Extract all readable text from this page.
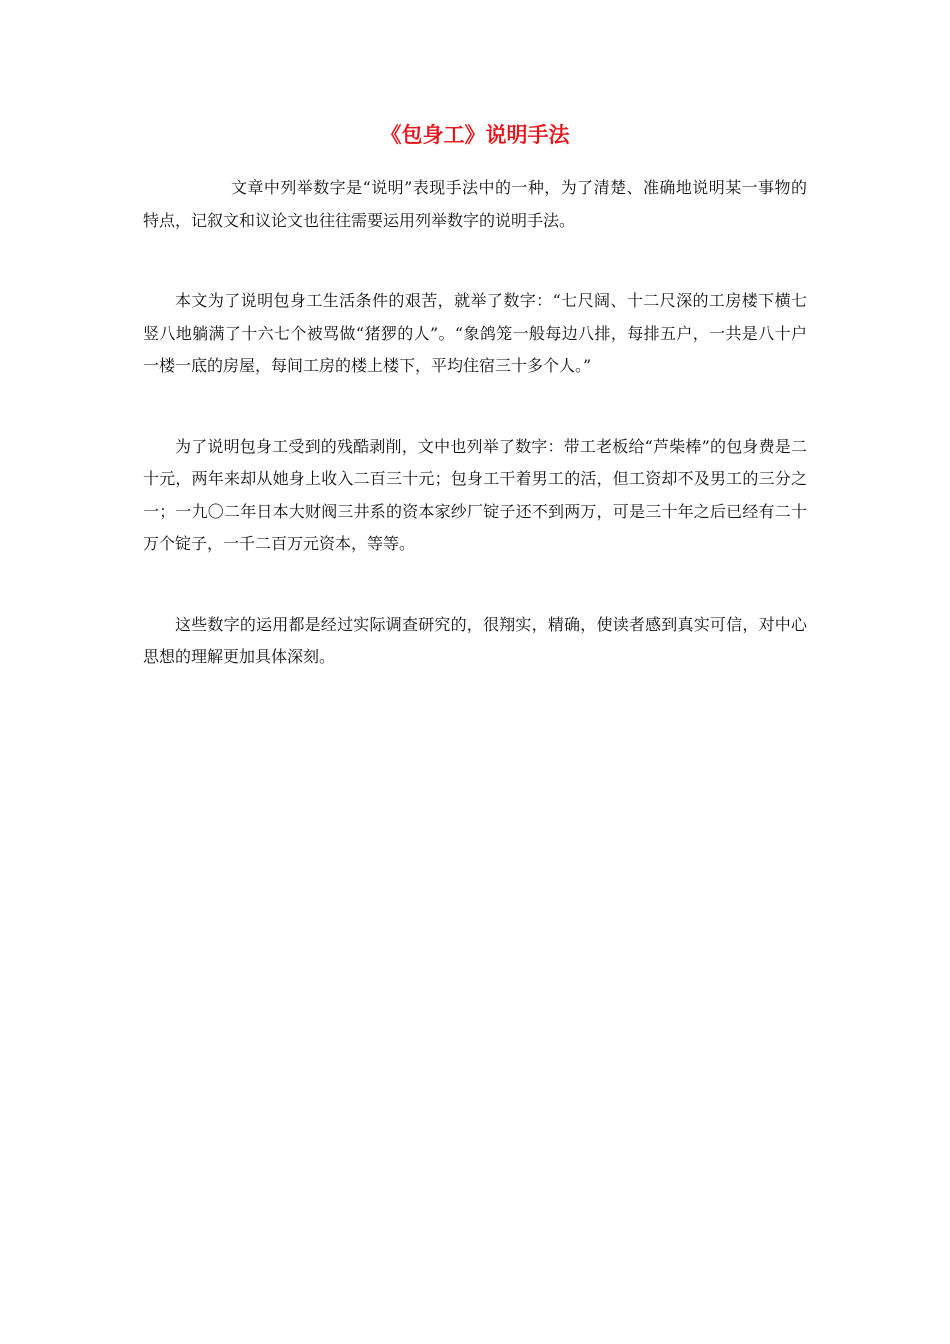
《包身工》说明手法

文章中列举数字是“说明”表现手法中的一种，为了清楚、准确地说明某一事物的特点，记叙文和议论文也往往需要运用列举数字的说明手法。

本文为了说明包身工生活条件的艰苦，就举了数字：“七尺阔、十二尺深的工房楼下横七竖八地躺满了十六七个被骂做“猪猡的人”。“象鸽笼一般每边八排，每排五户，一共是八十户一楼一底的房屋，每间工房的楼上楼下，平均住宿三十多个人。”

为了说明包身工受到的残酷剥削，文中也列举了数字：带工老板给“芦柴棒”的包身费是二十元，两年来却从她身上收入二百三十元；包身工干着男工的活，但工资却不及男工的三分之一；一九〇二年日本大财阀三井系的资本家纱厂锭子还不到两万，可是三十年之后已经有二十万个锭子，一千二百万元资本，等等。

这些数字的运用都是经过实际调查研究的，很翔实，精确，使读者感到真实可信，对中心思想的理解更加具体深刻。
